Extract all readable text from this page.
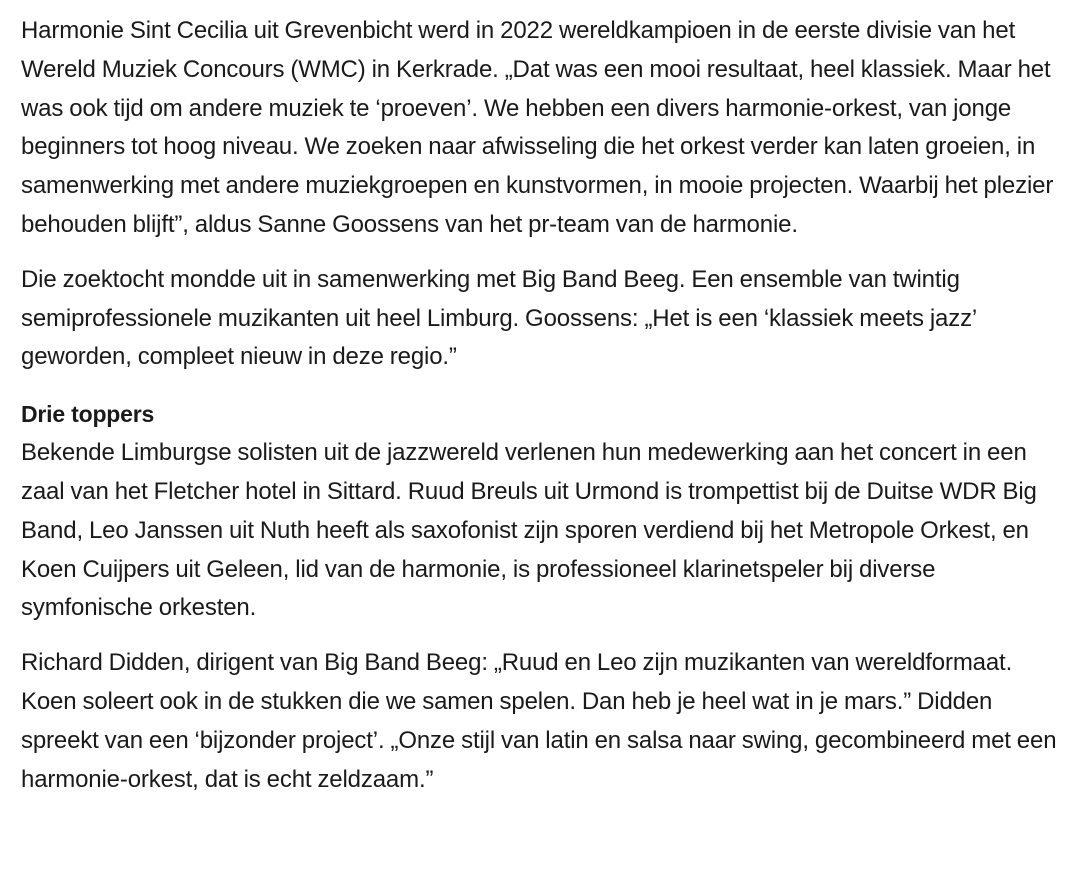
Harmonie Sint Cecilia uit Grevenbicht werd in 2022 wereldkampioen in de eerste divisie van het Wereld Muziek Concours (WMC) in Kerkrade. „Dat was een mooi resultaat, heel klassiek. Maar het was ook tijd om andere muziek te ‘proeven’. We hebben een divers harmonie-orkest, van jonge beginners tot hoog niveau. We zoeken naar afwisseling die het orkest verder kan laten groeien, in samenwerking met andere muziekgroepen en kunstvormen, in mooie projecten. Waarbij het plezier behouden blijft”, aldus Sanne Goossens van het pr-team van de harmonie.

Die zoektocht mondde uit in samenwerking met Big Band Beeg. Een ensemble van twintig semiprofessionele muzikanten uit heel Limburg. Goossens: „Het is een ‘klassiek meets jazz’ geworden, compleet nieuw in deze regio.”

Drie toppers

Bekende Limburgse solisten uit de jazzwereld verlenen hun medewerking aan het concert in een zaal van het Fletcher hotel in Sittard. Ruud Breuls uit Urmond is trompettist bij de Duitse WDR Big Band, Leo Janssen uit Nuth heeft als saxofonist zijn sporen verdiend bij het Metropole Orkest, en Koen Cuijpers uit Geleen, lid van de harmonie, is professioneel klarinetspeler bij diverse symfonische orkesten.

Richard Didden, dirigent van Big Band Beeg: „Ruud en Leo zijn muzikanten van wereldformaat. Koen soleert ook in de stukken die we samen spelen. Dan heb je heel wat in je mars.” Didden spreekt van een ‘bijzonder project’. „Onze stijl van latin en salsa naar swing, gecombineerd met een harmonie-orkest, dat is echt zeldzaam.”
